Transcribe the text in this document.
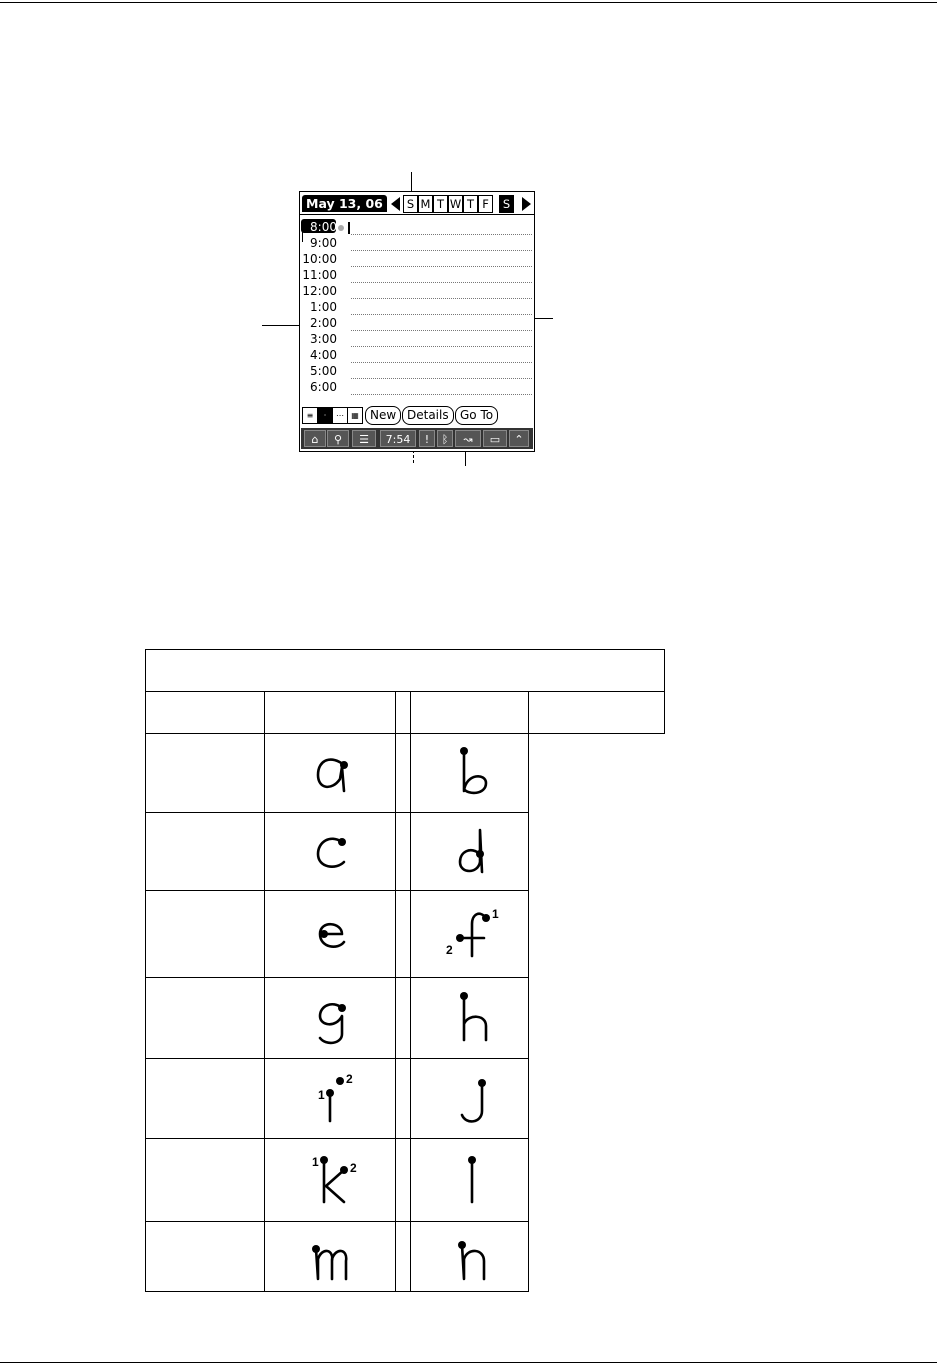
May 13, 06	S M T W T F	S
8:00
9:00
10:00
11:00
12:00
1:00
2:00
3:00
4:00
5:00
6:00
≡	·	⋯ ▦ New Details Go To
⌂	⚲	☰	7:54	!	ᛒ	↝	▭	⌃

1
2	

1
2

1 2
